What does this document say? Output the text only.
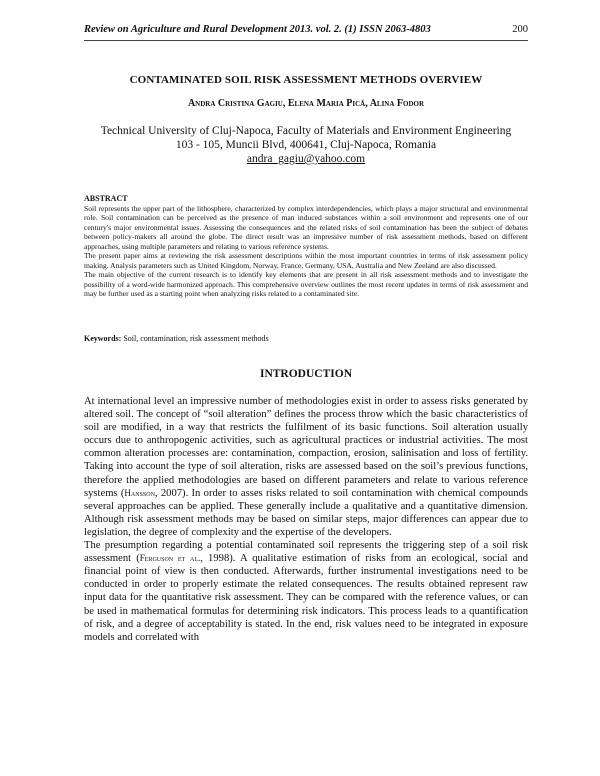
Review on Agriculture and Rural Development 2013. vol. 2. (1) ISSN 2063-4803	200
CONTAMINATED SOIL RISK ASSESSMENT METHODS OVERVIEW
Andra Cristina Gagiu, Elena Maria Pică, Alina Fodor
Technical University of Cluj-Napoca, Faculty of Materials and Environment Engineering
103 - 105, Muncii Blvd, 400641, Cluj-Napoca, Romania
andra_gagiu@yahoo.com
ABSTRACT

Soil represents the upper part of the lithosphere, characterized by complex interdependencies, which plays a major structural and environmental role. Soil contamination can be perceived as the presence of man induced substances within a soil environment and represents one of our century's major environmental issues. Assessing the consequences and the related risks of soil contamination has been the subject of debates between policy-makers all around the globe. The direct result was an impressive number of risk assessment methods, based on different approaches, using multiple parameters and relating to various reference systems.

The present paper aims at reviewing the risk assessment descriptions within the most important countries in terms of risk assessment policy making. Analysis parameters such as United Kingdom, Norway, France, Germany, USA, Australia and New Zeeland are also discussed.

The main objective of the current research is to identify key elements that are present in all risk assessment methods and to investigate the possibility of a word-wide harmonized approach. This comprehensive overview outlines the most recent updates in terms of risk assessment and may be further used as a starting point when analyzing risks related to a contaminated site.

Keywords: Soil, contamination, risk assessment methods
INTRODUCTION

At international level an impressive number of methodologies exist in order to assess risks generated by altered soil. The concept of “soil alteration” defines the process throw which the basic characteristics of soil are modified, in a way that restricts the fulfilment of its basic functions. Soil alteration usually occurs due to anthropogenic activities, such as agricultural practices or industrial activities. The most common alteration processes are: contamination, compaction, erosion, salinisation and loss of fertility. Taking into account the type of soil alteration, risks are assessed based on the soil’s previous functions, therefore the applied methodologies are based on different parameters and relate to various reference systems (Hansson, 2007). In order to asses risks related to soil contamination with chemical compounds several approaches can be applied. These generally include a qualitative and a quantitative dimension. Although risk assessment methods may be based on similar steps, major differences can appear due to legislation, the degree of complexity and the expertise of the developers.

The presumption regarding a potential contaminated soil represents the triggering step of a soil risk assessment (Ferguson et al., 1998). A qualitative estimation of risks from an ecological, social and financial point of view is then conducted. Afterwards, further instrumental investigations need to be conducted in order to properly estimate the related consequences. The results obtained represent raw input data for the quantitative risk assessment. They can be compared with the reference values, or can be used in mathematical formulas for determining risk indicators. This process leads to a quantification of risk, and a degree of acceptability is stated. In the end, risk values need to be integrated in exposure models and correlated with
